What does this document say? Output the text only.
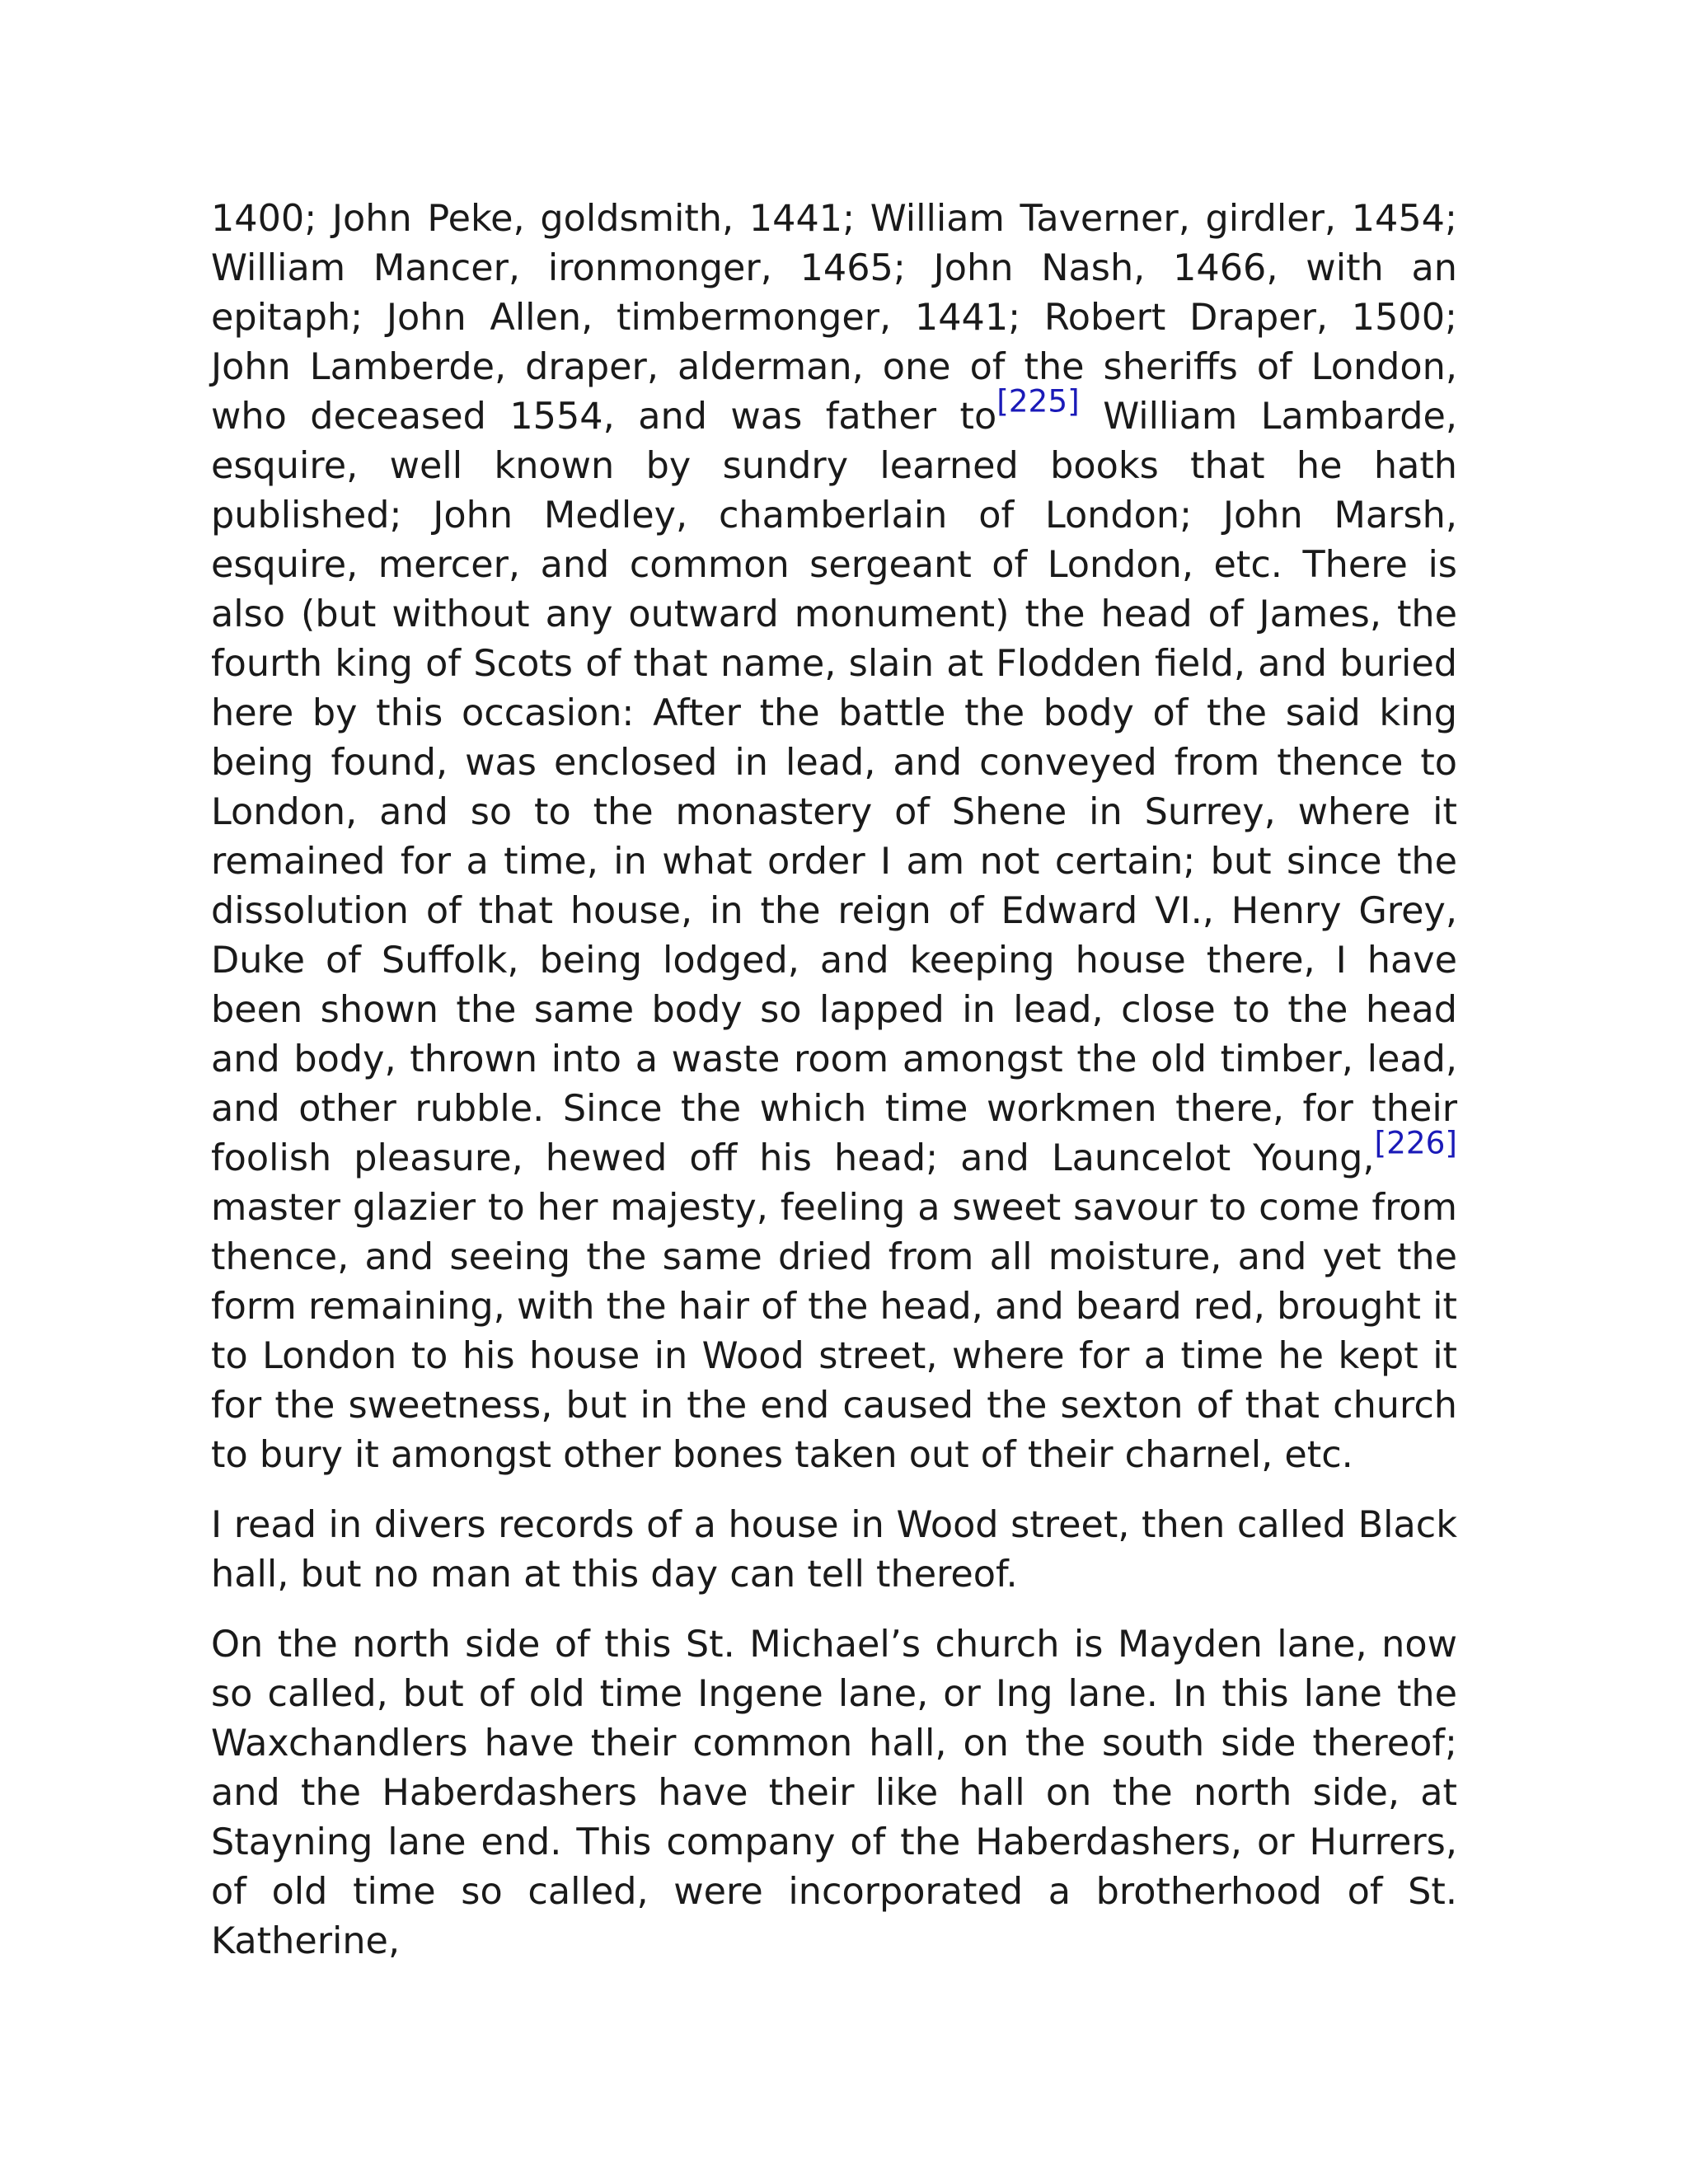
1400; John Peke, goldsmith, 1441; William Taverner, girdler, 1454; William Mancer, ironmonger, 1465; John Nash, 1466, with an epitaph; John Allen, timbermonger, 1441; Robert Draper, 1500; John Lamberde, draper, alderman, one of the sheriffs of London, who deceased 1554, and was father to[225] William Lambarde, esquire, well known by sundry learned books that he hath published; John Medley, chamberlain of London; John Marsh, esquire, mercer, and common sergeant of London, etc. There is also (but without any outward monument) the head of James, the fourth king of Scots of that name, slain at Flodden field, and buried here by this occasion: After the battle the body of the said king being found, was enclosed in lead, and conveyed from thence to London, and so to the monastery of Shene in Surrey, where it remained for a time, in what order I am not certain; but since the dissolution of that house, in the reign of Edward VI., Henry Grey, Duke of Suffolk, being lodged, and keeping house there, I have been shown the same body so lapped in lead, close to the head and body, thrown into a waste room amongst the old timber, lead, and other rubble. Since the which time workmen there, for their foolish pleasure, hewed off his head; and Launcelot Young,[226] master glazier to her majesty, feeling a sweet savour to come from thence, and seeing the same dried from all moisture, and yet the form remaining, with the hair of the head, and beard red, brought it to London to his house in Wood street, where for a time he kept it for the sweetness, but in the end caused the sexton of that church to bury it amongst other bones taken out of their charnel, etc.

I read in divers records of a house in Wood street, then called Black hall, but no man at this day can tell thereof.

On the north side of this St. Michael’s church is Mayden lane, now so called, but of old time Ingene lane, or Ing lane. In this lane the Waxchandlers have their common hall, on the south side thereof; and the Haberdashers have their like hall on the north side, at Stayning lane end. This company of the Haberdashers, or Hurrers, of old time so called, were incorporated a brotherhood of St. Katherine,
